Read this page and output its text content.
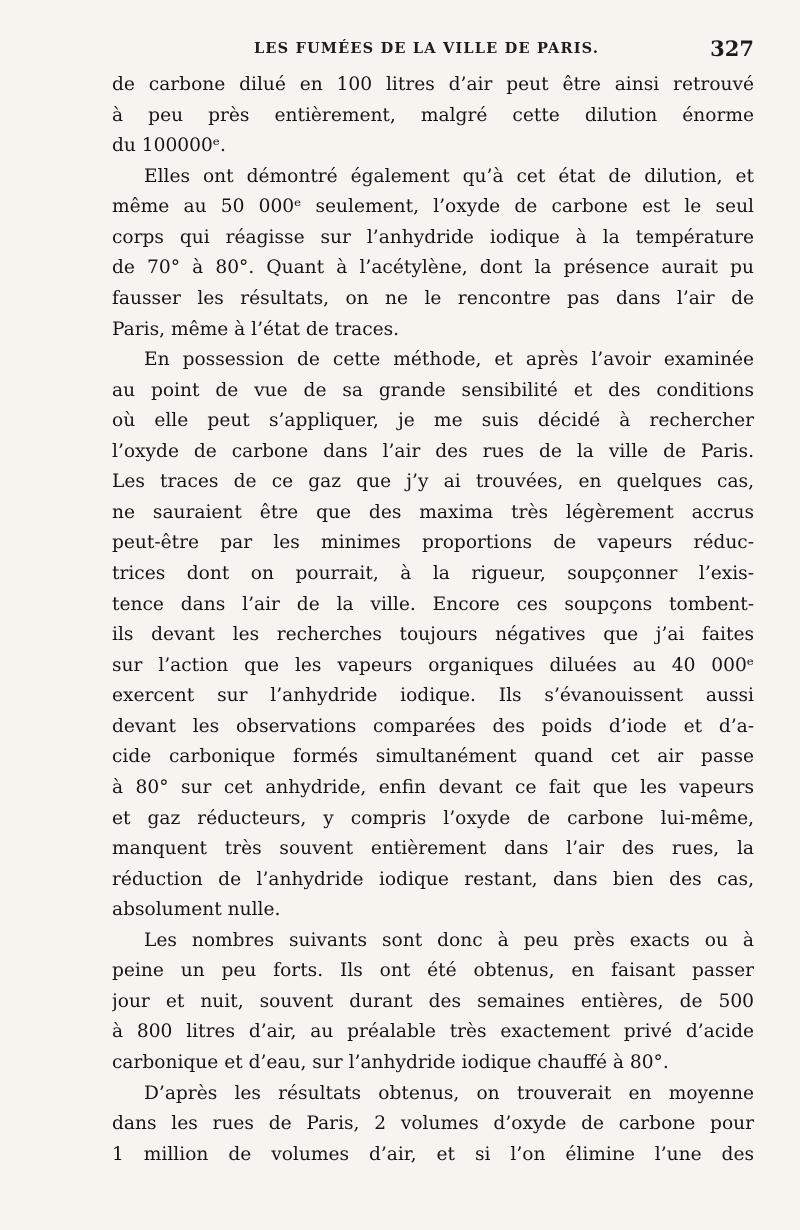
LES FUMÉES DE LA VILLE DE PARIS.	327
de carbone dilué en 100 litres d’air peut être ainsi retrouvé
à peu près entièrement, malgré cette dilution énorme
du 100000ᵉ.
Elles ont démontré également qu’à cet état de dilution, et
même au 50 000ᵉ seulement, l’oxyde de carbone est le seul
corps qui réagisse sur l’anhydride iodique à la température
de 70° à 80°. Quant à l’acétylène, dont la présence aurait pu
fausser les résultats, on ne le rencontre pas dans l’air de
Paris, même à l’état de traces.
En possession de cette méthode, et après l’avoir examinée
au point de vue de sa grande sensibilité et des conditions
où elle peut s’appliquer, je me suis décidé à rechercher
l’oxyde de carbone dans l’air des rues de la ville de Paris.
Les traces de ce gaz que j’y ai trouvées, en quelques cas,
ne sauraient être que des maxima très légèrement accrus
peut-être par les minimes proportions de vapeurs réduc-
trices dont on pourrait, à la rigueur, soupçonner l’exis-
tence dans l’air de la ville. Encore ces soupçons tombent-
ils devant les recherches toujours négatives que j’ai faites
sur l’action que les vapeurs organiques diluées au 40 000ᵉ
exercent sur l’anhydride iodique. Ils s’évanouissent aussi
devant les observations comparées des poids d’iode et d’a-
cide carbonique formés simultanément quand cet air passe
à 80° sur cet anhydride, enfin devant ce fait que les vapeurs
et gaz réducteurs, y compris l’oxyde de carbone lui-même,
manquent très souvent entièrement dans l’air des rues, la
réduction de l’anhydride iodique restant, dans bien des cas,
absolument nulle.
Les nombres suivants sont donc à peu près exacts ou à
peine un peu forts. Ils ont été obtenus, en faisant passer
jour et nuit, souvent durant des semaines entières, de 500
à 800 litres d’air, au préalable très exactement privé d’acide
carbonique et d’eau, sur l’anhydride iodique chauffé à 80°.
D’après les résultats obtenus, on trouverait en moyenne
dans les rues de Paris, 2 volumes d’oxyde de carbone pour
1 million de volumes d’air, et si l’on élimine l’une des
